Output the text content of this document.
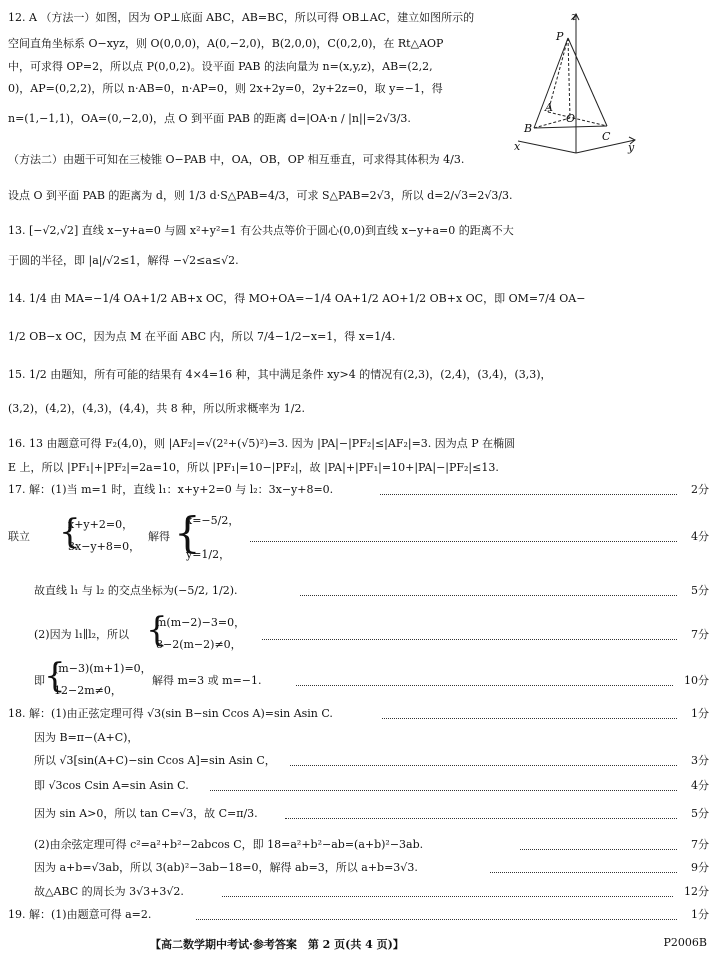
12. A （方法一）如图，因为 OP⊥底面 ABC，AB=BC，所以可得 OB⊥AC，建立如图所示的
空间直角坐标系 O−xyz，则 O(0,0,0)，A(0,−2,0)，B(2,0,0)，C(0,2,0)，在 Rt△AOP
中，可求得 OP=2，所以点 P(0,0,2)。设平面 PAB 的法向量为 n=(x,y,z)，AB=(2,2,
0)，AP=(0,2,2)，所以 n·AB=0，n·AP=0，则 2x+2y=0，2y+2z=0，取 y=−1，得
n=(1,−1,1)，OA=(0,−2,0)，点 O 到平面 PAB 的距离 d=|OA·n / |n||=2√3/3.
（方法二）由题干可知在三棱锥 O−PAB 中，OA，OB，OP 相互垂直，可求得其体积为 4/3.
设点 O 到平面 PAB 的距离为 d，则 1/3 d·S△PAB=4/3，可求 S△PAB=2√3，所以 d=2/√3=2√3/3.
z
P
A
B
O
C
x	y
13. [−√2,√2] 直线 x−y+a=0 与圆 x²+y²=1 有公共点等价于圆心(0,0)到直线 x−y+a=0 的距离不大
于圆的半径，即 |a|/√2≤1，解得 −√2≤a≤√2.
14. 1/4 由 MA=−1/4 OA+1/2 AB+x OC，得 MO+OA=−1/4 OA+1/2 AO+1/2 OB+x OC，即 OM=7/4 OA−
1/2 OB−x OC，因为点 M 在平面 ABC 内，所以 7/4−1/2−x=1，得 x=1/4.
15. 1/2 由题知，所有可能的结果有 4×4=16 种，其中满足条件 xy>4 的情况有(2,3)，(2,4)，(3,4)，(3,3)，
(3,2)，(4,2)，(4,3)，(4,4)，共 8 种，所以所求概率为 1/2.
16. 13 由题意可得 F₂(4,0)，则 |AF₂|=√(2²+(√5)²)=3. 因为 |PA|−|PF₂|≤|AF₂|=3. 因为点 P 在椭圆
E 上，所以 |PF₁|+|PF₂|=2a=10，所以 |PF₁|=10−|PF₂|，故 |PA|+|PF₁|=10+|PA|−|PF₂|≤13.
17. 解：(1)当 m=1 时，直线 l₁：x+y+2=0 与 l₂：3x−y+8=0.	2分
联立 {
x+y+2=0，
3x−y+8=0，
解得 {
x=−5/2，
y=1/2，
4分
故直线 l₁ 与 l₂ 的交点坐标为(−5/2, 1/2).	5分
(2)因为 l₁∥l₂，所以 {
m(m−2)−3=0，
8−2(m−2)≠0，
7分
即 {
(m−3)(m+1)=0，
12−2m≠0，
解得 m=3 或 m=−1.	10分
18. 解：(1)由正弦定理可得 √3(sin B−sin Ccos A)=sin Asin C.	1分
因为 B=π−(A+C)，
所以 √3[sin(A+C)−sin Ccos A]=sin Asin C，	3分
即 √3cos Csin A=sin Asin C.	4分
因为 sin A>0，所以 tan C=√3，故 C=π/3.	5分
(2)由余弦定理可得 c²=a²+b²−2abcos C，即 18=a²+b²−ab=(a+b)²−3ab.	7分
因为 a+b=√3ab，所以 3(ab)²−3ab−18=0，解得 ab=3，所以 a+b=3√3.	9分
故△ABC 的周长为 3√3+3√2.	12分
19. 解：(1)由题意可得 a=2.	1分
【高二数学期中考试·参考答案　第 2 页(共 4 页)】	P2006B
